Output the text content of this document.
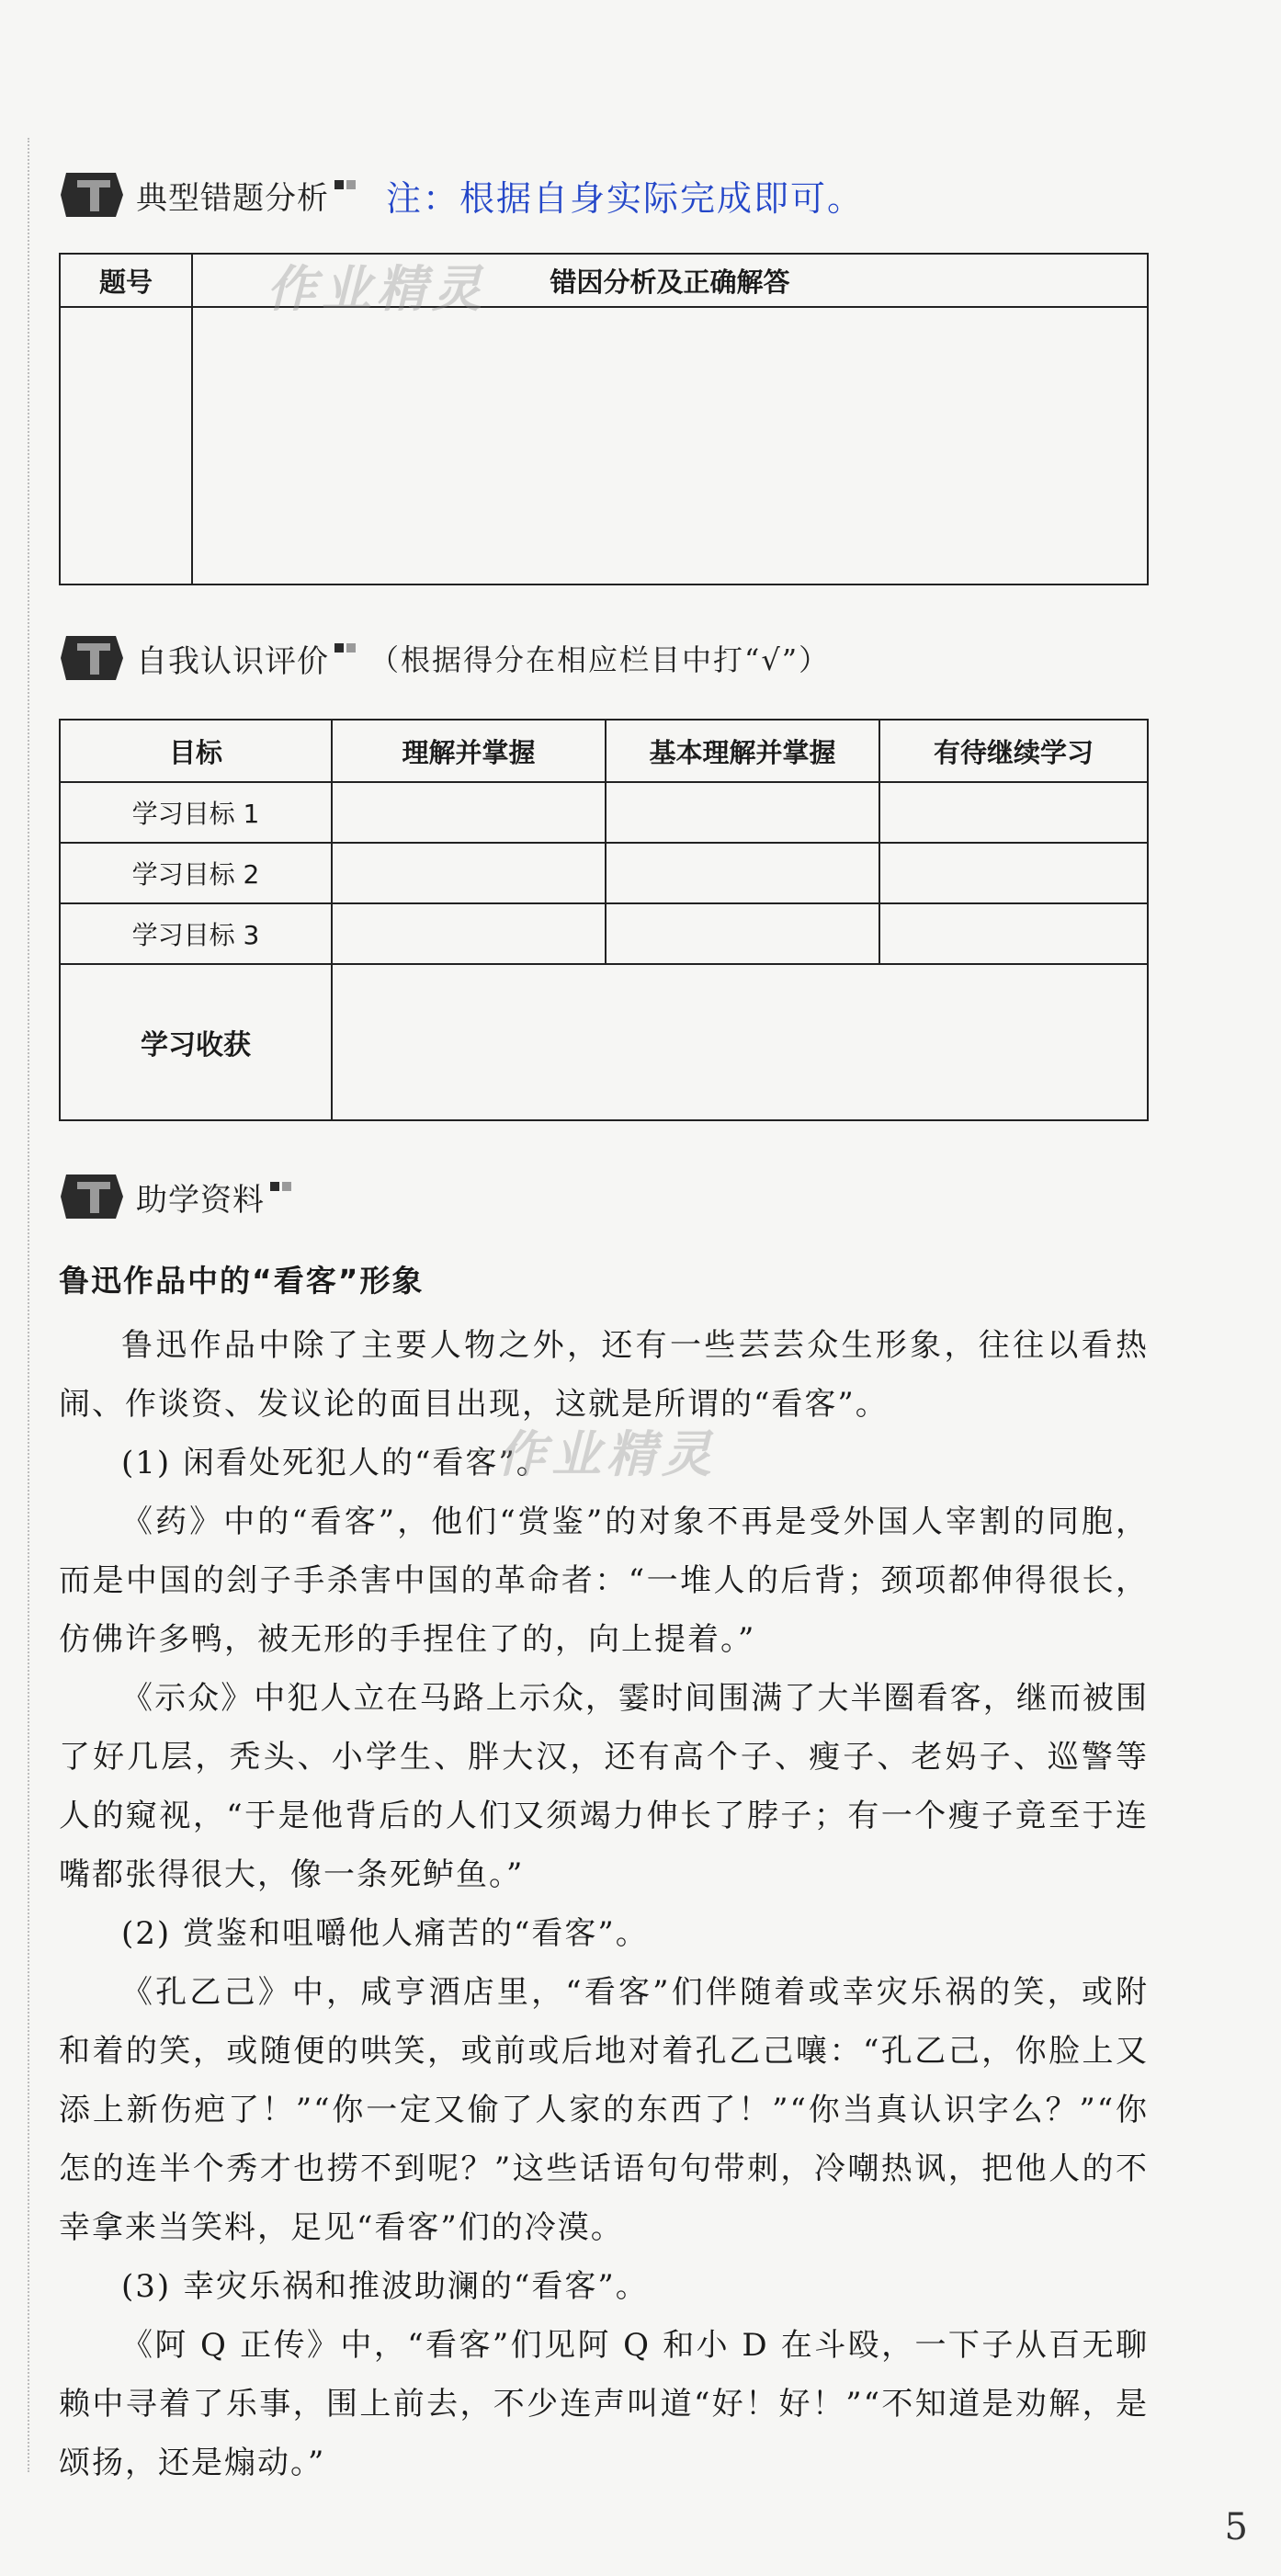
典型错题分析 注：根据自身实际完成即可。
题号	错因分析及正确解答

作业精灵
自我认识评价 （根据得分在相应栏目中打“√”）
目标	理解并掌握	基本理解并掌握	有待继续学习
学习目标 1			
学习目标 2			
学习目标 3			
学习收获			
助学资料

鲁迅作品中的“看客”形象

鲁迅作品中除了主要人物之外，还有一些芸芸众生形象，往往以看热闹、作谈资、发议论的面目出现，这就是所谓的“看客”。

(1) 闲看处死犯人的“看客”。

《药》中的“看客”，他们“赏鉴”的对象不再是受外国人宰割的同胞，而是中国的刽子手杀害中国的革命者：“一堆人的后背；颈项都伸得很长，仿佛许多鸭，被无形的手捏住了的，向上提着。”

《示众》中犯人立在马路上示众，霎时间围满了大半圈看客，继而被围了好几层，秃头、小学生、胖大汉，还有高个子、瘦子、老妈子、巡警等人的窥视，“于是他背后的人们又须竭力伸长了脖子；有一个瘦子竟至于连嘴都张得很大，像一条死鲈鱼。”

(2) 赏鉴和咀嚼他人痛苦的“看客”。

《孔乙己》中，咸亨酒店里，“看客”们伴随着或幸灾乐祸的笑，或附和着的笑，或随便的哄笑，或前或后地对着孔乙己嚷：“孔乙己，你脸上又添上新伤疤了！”“你一定又偷了人家的东西了！”“你当真认识字么？”“你怎的连半个秀才也捞不到呢？”这些话语句句带刺，冷嘲热讽，把他人的不幸拿来当笑料，足见“看客”们的冷漠。

(3) 幸灾乐祸和推波助澜的“看客”。

《阿 Q 正传》中，“看客”们见阿 Q 和小 D 在斗殴，一下子从百无聊赖中寻着了乐事，围上前去，不少连声叫道“好！好！”“不知道是劝解，是颂扬，还是煽动。”

作业精灵
5
